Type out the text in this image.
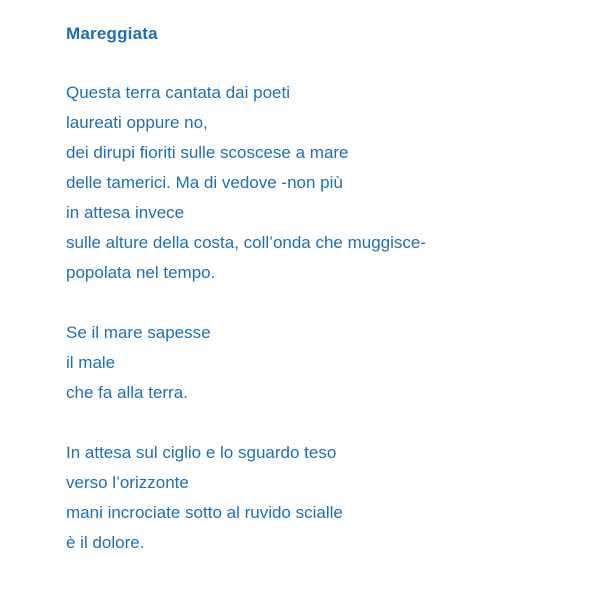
Mareggiata
Questa terra cantata dai poeti
laureati oppure no,
dei dirupi fioriti sulle scoscese a mare
delle tamerici. Ma di vedove -non più
in attesa invece
sulle alture della costa, coll’onda che muggisce-
popolata nel tempo.
Se il mare sapesse
il male
che fa alla terra.
In attesa sul ciglio e lo sguardo teso
verso l’orizzonte
mani incrociate sotto al ruvido scialle
è il dolore.
